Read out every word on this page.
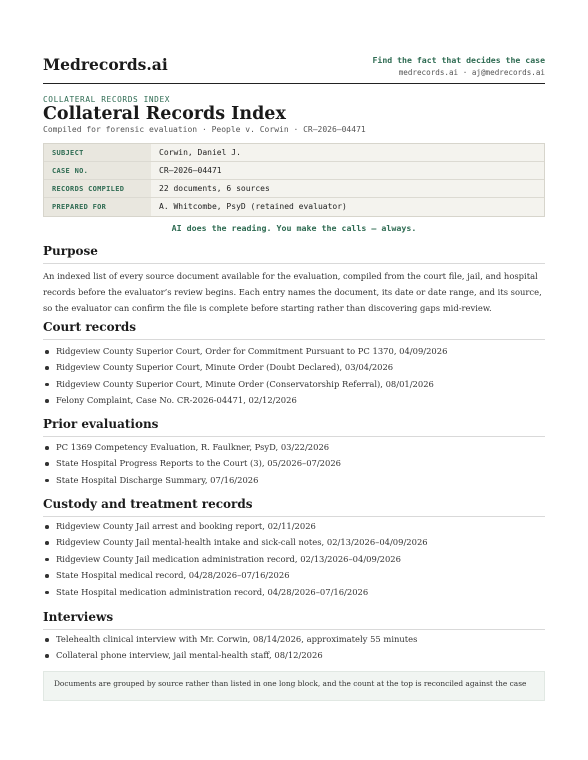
Medrecords.ai	Find the fact that decides the case
medrecords.ai · aj@medrecords.ai
COLLATERAL RECORDS INDEX
Collateral Records Index
Compiled for forensic evaluation · People v. Corwin · CR–2026–04471
SUBJECT	Corwin, Daniel J.
CASE NO.	CR–2026–04471
RECORDS COMPILED	22 documents, 6 sources
PREPARED FOR	A. Whitcombe, PsyD (retained evaluator)
AI does the reading. You make the calls — always.
Purpose
An indexed list of every source document available for the evaluation, compiled from the court file, jail, and hospital records before the evaluator’s review begins. Each entry names the document, its date or date range, and its source, so the evaluator can confirm the file is complete before starting rather than discovering gaps mid-review.
Court records
Ridgeview County Superior Court, Order for Commitment Pursuant to PC 1370, 04/09/2026
Ridgeview County Superior Court, Minute Order (Doubt Declared), 03/04/2026
Ridgeview County Superior Court, Minute Order (Conservatorship Referral), 08/01/2026
Felony Complaint, Case No. CR-2026-04471, 02/12/2026
Prior evaluations
PC 1369 Competency Evaluation, R. Faulkner, PsyD, 03/22/2026
State Hospital Progress Reports to the Court (3), 05/2026–07/2026
State Hospital Discharge Summary, 07/16/2026
Custody and treatment records
Ridgeview County Jail arrest and booking report, 02/11/2026
Ridgeview County Jail mental-health intake and sick-call notes, 02/13/2026–04/09/2026
Ridgeview County Jail medication administration record, 02/13/2026–04/09/2026
State Hospital medical record, 04/28/2026–07/16/2026
State Hospital medication administration record, 04/28/2026–07/16/2026
Interviews
Telehealth clinical interview with Mr. Corwin, 08/14/2026, approximately 55 minutes
Collateral phone interview, jail mental-health staff, 08/12/2026
Documents are grouped by source rather than listed in one long block, and the count at the top is reconciled against the case
